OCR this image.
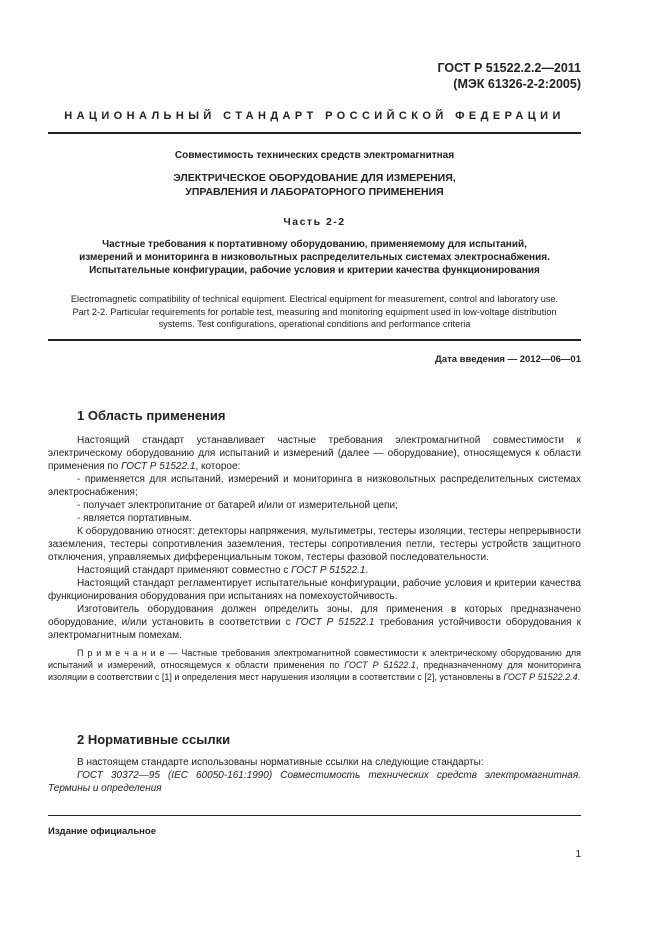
ГОСТ Р 51522.2.2—2011
(МЭК 61326-2-2:2005)
НАЦИОНАЛЬНЫЙ СТАНДАРТ РОССИЙСКОЙ ФЕДЕРАЦИИ
Совместимость технических средств электромагнитная
ЭЛЕКТРИЧЕСКОЕ ОБОРУДОВАНИЕ ДЛЯ ИЗМЕРЕНИЯ,
УПРАВЛЕНИЯ И ЛАБОРАТОРНОГО ПРИМЕНЕНИЯ
Часть 2-2
Частные требования к портативному оборудованию, применяемому для испытаний,
измерений и мониторинга в низковольтных распределительных системах электроснабжения.
Испытательные конфигурации, рабочие условия и критерии качества функционирования
Electromagnetic compatibility of technical equipment. Electrical equipment for measurement, control and laboratory use.
Part 2-2. Particular requirements for portable test, measuring and monitoring equipment used in low-voltage distribution
systems. Test configurations, operational conditions and performance criteria
Дата введения — 2012—06—01
1 Область применения

Настоящий стандарт устанавливает частные требования электромагнитной совместимости к электрическому оборудованию для испытаний и измерений (далее — оборудование), относящемуся к области применения по ГОСТ Р 51522.1, которое:

- применяется для испытаний, измерений и мониторинга в низковольтных распределительных системах электроснабжения;

- получает электропитание от батарей и/или от измерительной цепи;

- является портативным.

К оборудованию относят: детекторы напряжения, мультиметры, тестеры изоляции, тестеры непрерывности заземления, тестеры сопротивления заземления, тестеры сопротивления петли, тестеры устройств защитного отключения, управляемых дифференциальным током, тестеры фазовой последовательности.

Настоящий стандарт применяют совместно с ГОСТ Р 51522.1.

Настоящий стандарт регламентирует испытательные конфигурации, рабочие условия и критерии качества функционирования оборудования при испытаниях на помехоустойчивость.

Изготовитель оборудования должен определить зоны, для применения в которых предназначено оборудование, и/или установить в соответствии с ГОСТ Р 51522.1 требования устойчивости оборудования к электромагнитным помехам.

П р и м е ч а н и е — Частные требования электромагнитной совместимости к электрическому оборудованию для испытаний и измерений, относящемуся к области применения по ГОСТ Р 51522.1, предназначенному для мониторинга изоляции в соответствии с [1] и определения мест нарушения изоляции в соответствии с [2], установлены в ГОСТ Р 51522.2.4.

2 Нормативные ссылки

В настоящем стандарте использованы нормативные ссылки на следующие стандарты:

ГОСТ 30372—95 (IEC 60050-161:1990) Совместимость технических средств электромагнитная. Термины и определения

Издание официальное
1
